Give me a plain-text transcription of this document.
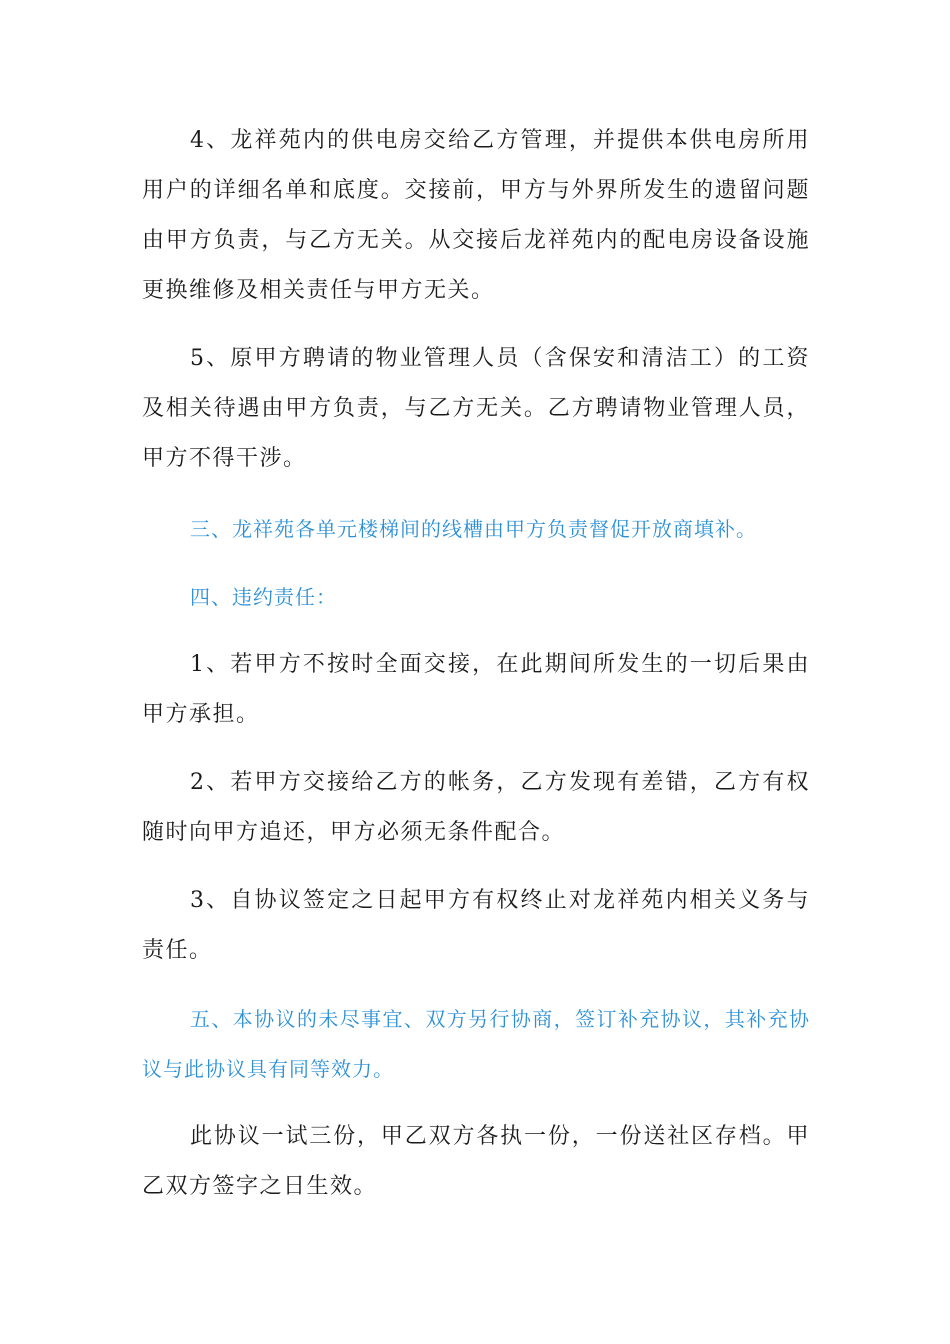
4、龙祥苑内的供电房交给乙方管理，并提供本供电房所用用户的详细名单和底度。交接前，甲方与外界所发生的遗留问题由甲方负责，与乙方无关。从交接后龙祥苑内的配电房设备设施更换维修及相关责任与甲方无关。

5、原甲方聘请的物业管理人员（含保安和清洁工）的工资及相关待遇由甲方负责，与乙方无关。乙方聘请物业管理人员，甲方不得干涉。

三、龙祥苑各单元楼梯间的线槽由甲方负责督促开放商填补。

四、违约责任：

1、若甲方不按时全面交接，在此期间所发生的一切后果由甲方承担。

2、若甲方交接给乙方的帐务，乙方发现有差错，乙方有权随时向甲方追还，甲方必须无条件配合。

3、自协议签定之日起甲方有权终止对龙祥苑内相关义务与责任。

五、本协议的未尽事宜、双方另行协商，签订补充协议，其补充协议与此协议具有同等效力。

此协议一试三份，甲乙双方各执一份，一份送社区存档。甲乙双方签字之日生效。
